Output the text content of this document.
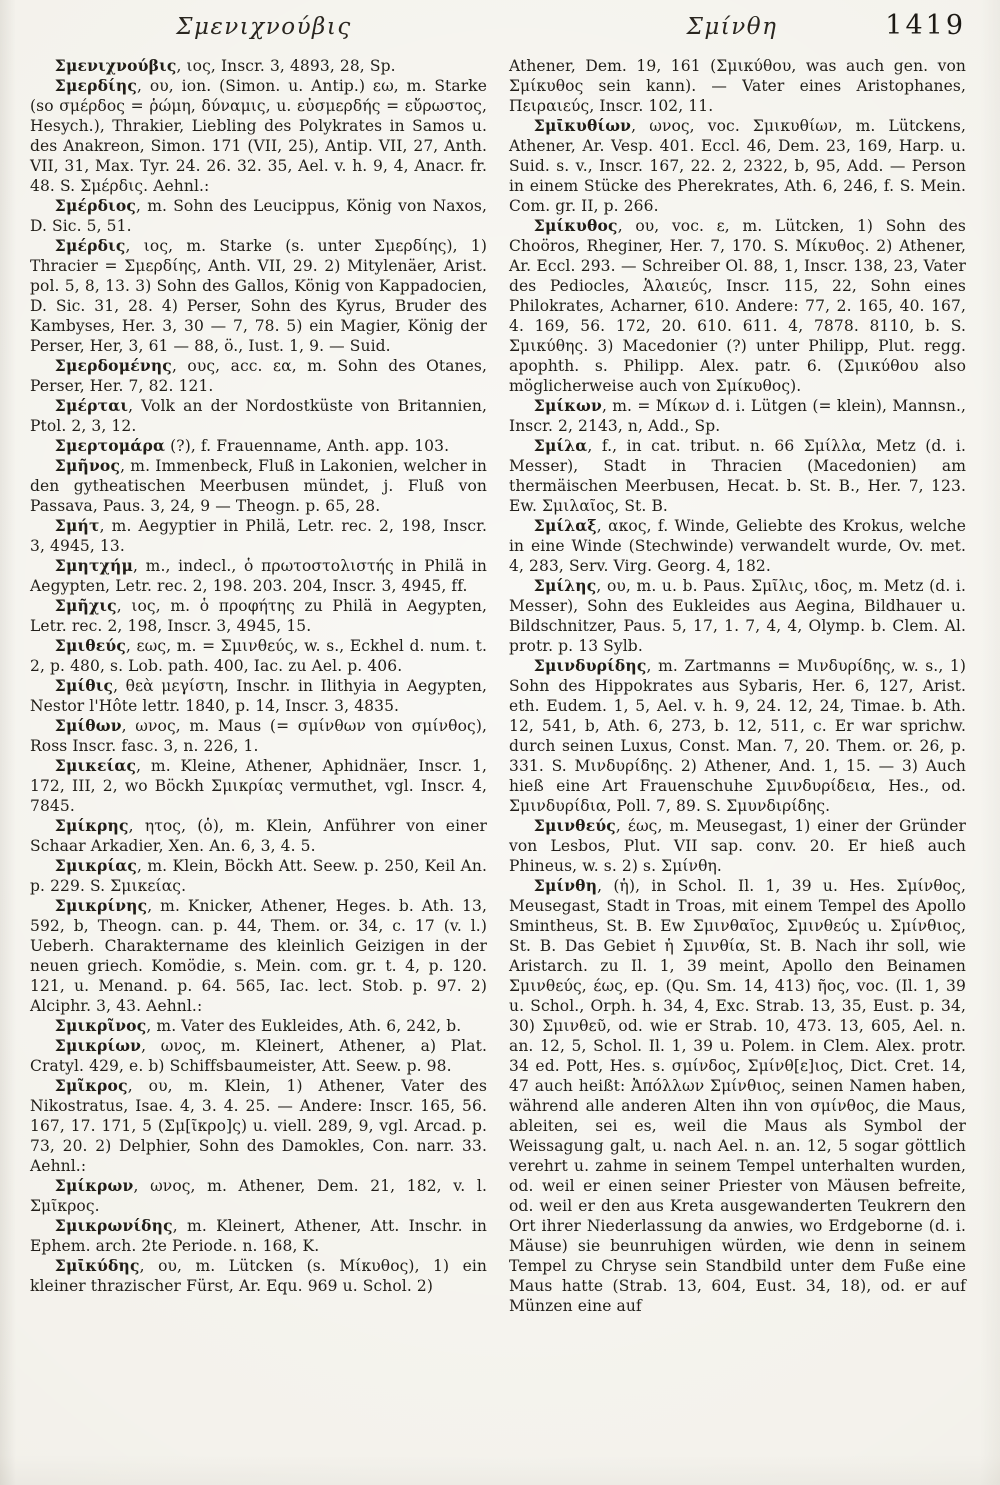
Σμενιχνούβις	Σμίνθη	1419

Σμενιχνούβις, ιος, Inscr. 3, 4893, 28, Sp.

Σμερδίης, ου, ion. (Simon. u. Antip.) εω, m. Starke (so σμέρδος = ῥώμη, δύναμις, u. εὐσμερδής = εὔρωστος, Hesych.), Thrakier, Liebling des Polykrates in Samos u. des Anakreon, Simon. 171 (VII, 25), Antip. VII, 27, Anth. VII, 31, Max. Tyr. 24. 26. 32. 35, Ael. v. h. 9, 4, Anacr. fr. 48. S. Σμέρδις. Aehnl.:

Σμέρδιος, m. Sohn des Leucippus, König von Naxos, D. Sic. 5, 51.

Σμέρδις, ιος, m. Starke (s. unter Σμερδίης), 1) Thracier = Σμερδίης, Anth. VII, 29. 2) Mitylenäer, Arist. pol. 5, 8, 13. 3) Sohn des Gallos, König von Kappadocien, D. Sic. 31, 28. 4) Perser, Sohn des Kyrus, Bruder des Kambyses, Her. 3, 30 — 7, 78. 5) ein Magier, König der Perser, Her, 3, 61 — 88, ö., Iust. 1, 9. — Suid.

Σμερδομένης, ους, acc. εα, m. Sohn des Otanes, Perser, Her. 7, 82. 121.

Σμέρται, Volk an der Nordostküste von Britannien, Ptol. 2, 3, 12.

Σμερτομάρα (?), f. Frauenname, Anth. app. 103.

Σμῆνος, m. Immenbeck, Fluß in Lakonien, welcher in den gytheatischen Meerbusen mündet, j. Fluß von Passava, Paus. 3, 24, 9 — Theogn. p. 65, 28.

Σμήτ, m. Aegyptier in Philä, Letr. rec. 2, 198, Inscr. 3, 4945, 13.

Σμητχήμ, m., indecl., ὁ πρωτοστολιστής in Philä in Aegypten, Letr. rec. 2, 198. 203. 204, Inscr. 3, 4945, ff.

Σμῆχις, ιος, m. ὁ προφήτης zu Philä in Aegypten, Letr. rec. 2, 198, Inscr. 3, 4945, 15.

Σμιθεύς, εως, m. = Σμινθεύς, w. s., Eckhel d. num. t. 2, p. 480, s. Lob. path. 400, Iac. zu Ael. p. 406.

Σμίθις, θεὰ μεγίστη, Inschr. in Ilithyia in Aegypten, Nestor l'Hôte lettr. 1840, p. 14, Inscr. 3, 4835.

Σμίθων, ωνος, m. Maus (= σμίνθων von σμίνθος), Ross Inscr. fasc. 3, n. 226, 1.

Σμικείας, m. Kleine, Athener, Aphidnäer, Inscr. 1, 172, III, 2, wo Böckh Σμικρίας vermuthet, vgl. Inscr. 4, 7845.

Σμίκρης, ητος, (ὁ), m. Klein, Anführer von einer Schaar Arkadier, Xen. An. 6, 3, 4. 5.

Σμικρίας, m. Klein, Böckh Att. Seew. p. 250, Keil An. p. 229. S. Σμικείας.

Σμικρίνης, m. Knicker, Athener, Heges. b. Ath. 13, 592, b, Theogn. can. p. 44, Them. or. 34, c. 17 (v. l.) Ueberh. Charaktername des kleinlich Geizigen in der neuen griech. Komödie, s. Mein. com. gr. t. 4, p. 120. 121, u. Menand. p. 64. 565, Iac. lect. Stob. p. 97. 2) Alciphr. 3, 43. Aehnl.:

Σμικρῖνος, m. Vater des Eukleides, Ath. 6, 242, b.

Σμικρίων, ωνος, m. Kleinert, Athener, a) Plat. Cratyl. 429, e. b) Schiffsbaumeister, Att. Seew. p. 98.

Σμῖκρος, ου, m. Klein, 1) Athener, Vater des Nikostratus, Isae. 4, 3. 4. 25. — Andere: Inscr. 165, 56. 167, 17. 171, 5 (Σμ[ῖκρο]ς) u. viell. 289, 9, vgl. Arcad. p. 73, 20. 2) Delphier, Sohn des Damokles, Con. narr. 33. Aehnl.:

Σμίκρων, ωνος, m. Athener, Dem. 21, 182, v. l. Σμῖκρος.

Σμικρωνίδης, m. Kleinert, Athener, Att. Inschr. in Ephem. arch. 2te Periode. n. 168, K.

Σμῑκύδης, ου, m. Lütcken (s. Μίκυθος), 1) ein kleiner thrazischer Fürst, Ar. Equ. 969 u. Schol. 2)

Athener, Dem. 19, 161 (Σμικύθου, was auch gen. von Σμίκυθος sein kann). — Vater eines Aristophanes, Πειραιεύς, Inscr. 102, 11.

Σμῑκυθίων, ωνος, voc. Σμικυθίων, m. Lütckens, Athener, Ar. Vesp. 401. Eccl. 46, Dem. 23, 169, Harp. u. Suid. s. v., Inscr. 167, 22. 2, 2322, b, 95, Add. — Person in einem Stücke des Pherekrates, Ath. 6, 246, f. S. Mein. Com. gr. II, p. 266.

Σμίκυθος, ου, voc. ε, m. Lütcken, 1) Sohn des Choöros, Rheginer, Her. 7, 170. S. Μίκυθος. 2) Athener, Ar. Eccl. 293. — Schreiber Ol. 88, 1, Inscr. 138, 23, Vater des Pediocles, Ἁλαιεύς, Inscr. 115, 22, Sohn eines Philokrates, Acharner, 610. Andere: 77, 2. 165, 40. 167, 4. 169, 56. 172, 20. 610. 611. 4, 7878. 8110, b. S. Σμικύθης. 3) Macedonier (?) unter Philipp, Plut. regg. apophth. s. Philipp. Alex. patr. 6. (Σμικύθου also möglicherweise auch von Σμίκυθος).

Σμίκων, m. = Μίκων d. i. Lütgen (= klein), Mannsn., Inscr. 2, 2143, n, Add., Sp.

Σμίλα, f., in cat. tribut. n. 66 Σμίλλα, Metz (d. i. Messer), Stadt in Thracien (Macedonien) am thermäischen Meerbusen, Hecat. b. St. B., Her. 7, 123. Ew. Σμιλαῖος, St. B.

Σμίλαξ, ακος, f. Winde, Geliebte des Krokus, welche in eine Winde (Stechwinde) verwandelt wurde, Ov. met. 4, 283, Serv. Virg. Georg. 4, 182.

Σμίλης, ου, m. u. b. Paus. Σμῖλις, ιδος, m. Metz (d. i. Messer), Sohn des Eukleides aus Aegina, Bildhauer u. Bildschnitzer, Paus. 5, 17, 1. 7, 4, 4, Olymp. b. Clem. Al. protr. p. 13 Sylb.

Σμινδυρίδης, m. Zartmanns = Μινδυρίδης, w. s., 1) Sohn des Hippokrates aus Sybaris, Her. 6, 127, Arist. eth. Eudem. 1, 5, Ael. v. h. 9, 24. 12, 24, Timae. b. Ath. 12, 541, b, Ath. 6, 273, b. 12, 511, c. Er war sprichw. durch seinen Luxus, Const. Man. 7, 20. Them. or. 26, p. 331. S. Μινδυρίδης. 2) Athener, And. 1, 15. — 3) Auch hieß eine Art Frauenschuhe Σμινδυρίδεια, Hes., od. Σμινδυρίδια, Poll. 7, 89. S. Σμυνδιρίδης.

Σμινθεύς, έως, m. Meusegast, 1) einer der Gründer von Lesbos, Plut. VII sap. conv. 20. Er hieß auch Phineus, w. s. 2) s. Σμίνθη.

Σμίνθη, (ἡ), in Schol. Il. 1, 39 u. Hes. Σμίνθος, Meusegast, Stadt in Troas, mit einem Tempel des Apollo Smintheus, St. B. Ew Σμινθαῖος, Σμινθεύς u. Σμίνθιος, St. B. Das Gebiet ἡ Σμινθία, St. B. Nach ihr soll, wie Aristarch. zu Il. 1, 39 meint, Apollo den Beinamen Σμινθεύς, έως, ep. (Qu. Sm. 14, 413) ῆος, voc. (Il. 1, 39 u. Schol., Orph. h. 34, 4, Exc. Strab. 13, 35, Eust. p. 34, 30) Σμινθεῦ, od. wie er Strab. 10, 473. 13, 605, Ael. n. an. 12, 5, Schol. Il. 1, 39 u. Polem. in Clem. Alex. protr. 34 ed. Pott, Hes. s. σμίνδος, Σμίνθ[ε]ιος, Dict. Cret. 14, 47 auch heißt: Ἀπόλλων Σμίνθιος, seinen Namen haben, während alle anderen Alten ihn von σμίνθος, die Maus, ableiten, sei es, weil die Maus als Symbol der Weissagung galt, u. nach Ael. n. an. 12, 5 sogar göttlich verehrt u. zahme in seinem Tempel unterhalten wurden, od. weil er einen seiner Priester von Mäusen befreite, od. weil er den aus Kreta ausgewanderten Teukrern den Ort ihrer Niederlassung da anwies, wo Erdgeborne (d. i. Mäuse) sie beunruhigen würden, wie denn in seinem Tempel zu Chryse sein Standbild unter dem Fuße eine Maus hatte (Strab. 13, 604, Eust. 34, 18), od. er auf Münzen eine auf
